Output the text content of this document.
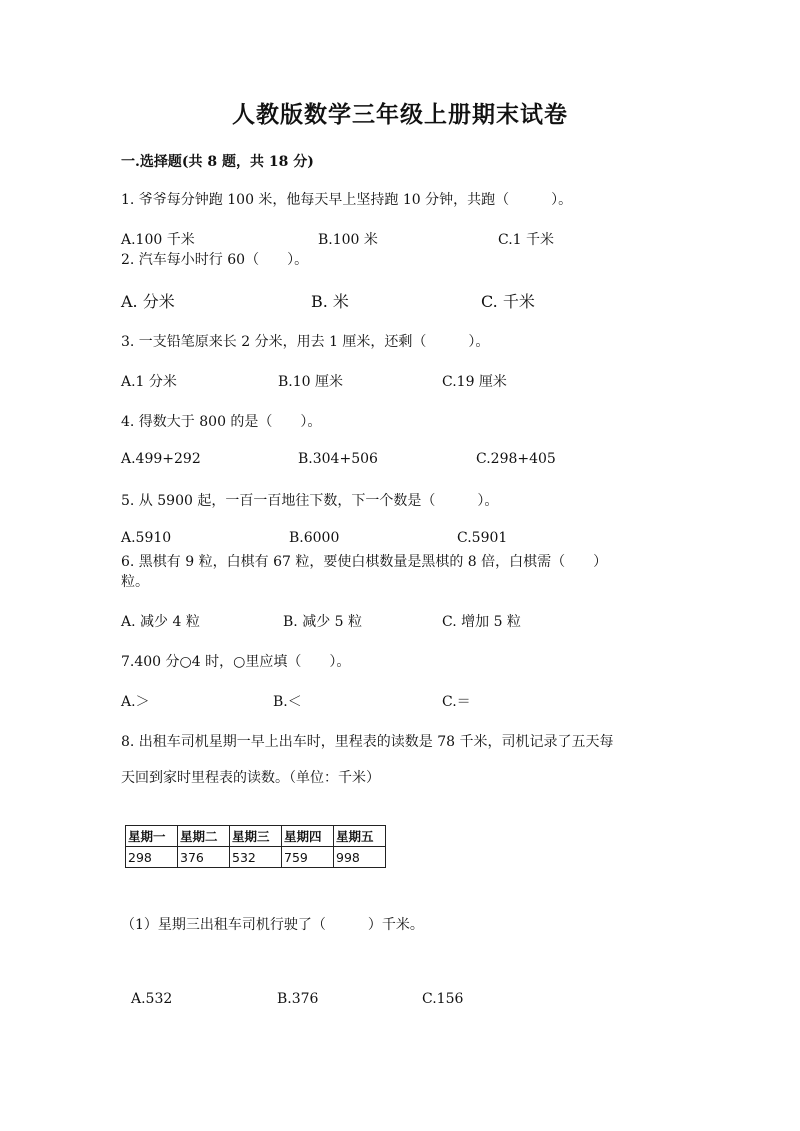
人教版数学三年级上册期末试卷
一.选择题(共 8 题，共 18 分)
1. 爷爷每分钟跑 100 米，他每天早上坚持跑 10 分钟，共跑（　　　）。
A.100 千米	B.100 米	C.1 千米
2. 汽车每小时行 60（　　）。
A. 分米	B. 米	C. 千米
3. 一支铅笔原来长 2 分米，用去 1 厘米，还剩（　　　）。
A.1 分米	B.10 厘米	C.19 厘米
4. 得数大于 800 的是（　　）。
A.499+292	B.304+506	C.298+405
5. 从 5900 起，一百一百地往下数，下一个数是（　　　）。
A.5910	B.6000	C.5901
6. 黑棋有 9 粒，白棋有 67 粒，要使白棋数量是黑棋的 8 倍，白棋需（　　）
粒。
A. 减少 4 粒	B. 减少 5 粒	C. 增加 5 粒
7.400 分○4 时，○里应填（　　）。
A.＞	B.＜	C.＝
8. 出租车司机星期一早上出车时，里程表的读数是 78 千米，司机记录了五天每
天回到家时里程表的读数。（单位：千米）
星期一	星期二	星期三	星期四	星期五
298	376	532	759	998
（1）星期三出租车司机行驶了（　　　）千米。
A.532	B.376	C.156
